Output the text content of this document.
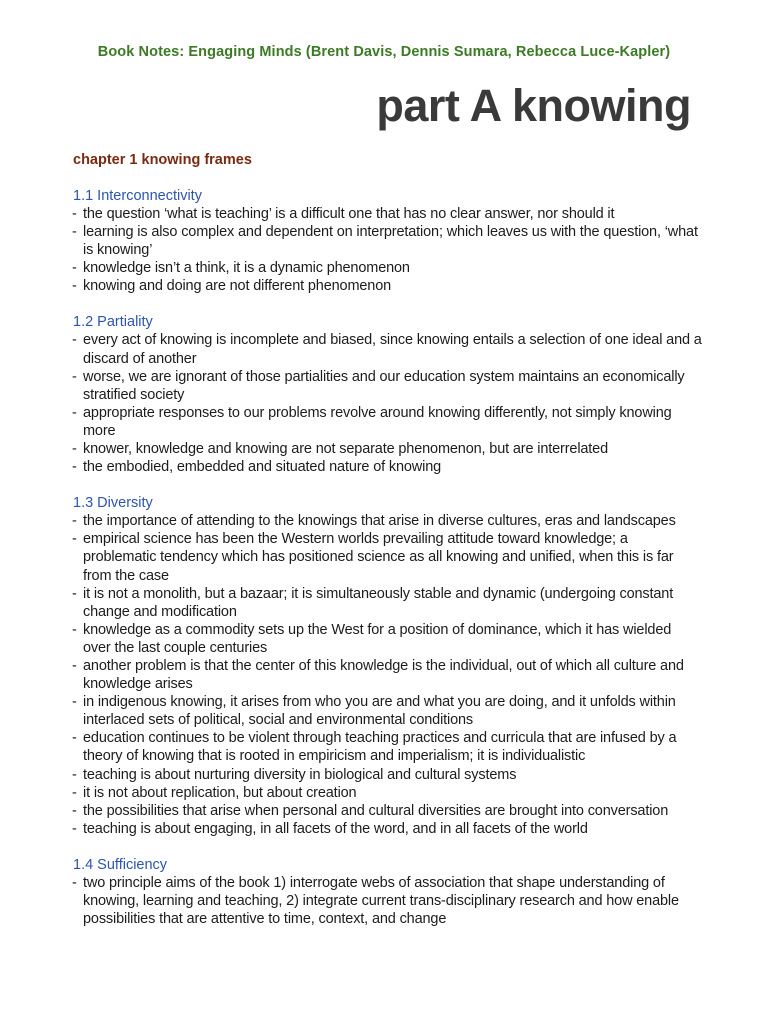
Book Notes: Engaging Minds (Brent Davis, Dennis Sumara, Rebecca Luce-Kapler)
part A knowing
chapter 1 knowing frames
1.1 Interconnectivity
- the question ‘what is teaching’ is a difficult one that has no clear answer, nor should it
- learning is also complex and dependent on interpretation; which leaves us with the question, ‘what is knowing’
- knowledge isn’t a think, it is a dynamic phenomenon
- knowing and doing are not different phenomenon
1.2 Partiality
- every act of knowing is incomplete and biased, since knowing entails a selection of one ideal and a discard of another
- worse, we are ignorant of those partialities and our education system maintains an economically stratified society
- appropriate responses to our problems revolve around knowing differently, not simply knowing more
- knower, knowledge and knowing are not separate phenomenon, but are interrelated
- the embodied, embedded and situated nature of knowing
1.3 Diversity
- the importance of attending to the knowings that arise in diverse cultures, eras and landscapes
- empirical science has been the Western worlds prevailing attitude toward knowledge; a problematic tendency which has positioned science as all knowing and unified, when this is far from the case
- it is not a monolith, but a bazaar; it is simultaneously stable and dynamic (undergoing constant change and modification
- knowledge as a commodity sets up the West for a position of dominance, which it has wielded over the last couple centuries
- another problem is that the center of this knowledge is the individual, out of which all culture and knowledge arises
- in indigenous knowing, it arises from who you are and what you are doing, and it unfolds within interlaced sets of political, social and environmental conditions
- education continues to be violent through teaching practices and curricula that are infused by a theory of knowing that is rooted in empiricism and imperialism; it is individualistic
- teaching is about nurturing diversity in biological and cultural systems
- it is not about replication, but about creation
- the possibilities that arise when personal and cultural diversities are brought into conversation
- teaching is about engaging, in all facets of the word, and in all facets of the world
1.4 Sufficiency
- two principle aims of the book 1) interrogate webs of association that shape understanding of knowing, learning and teaching, 2) integrate current trans-disciplinary research and how enable possibilities that are attentive to time, context, and change
